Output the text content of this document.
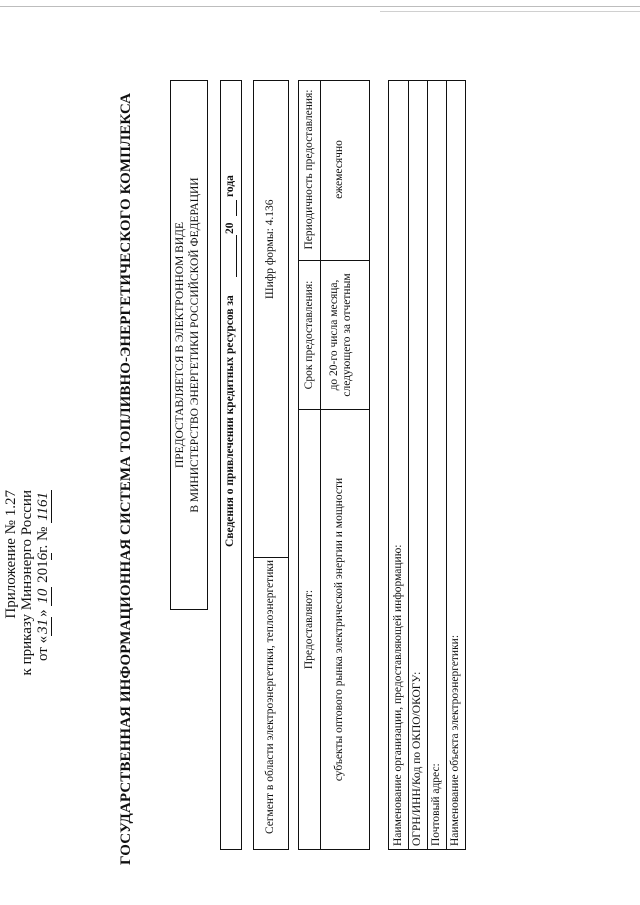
Приложение № 1.27 к приказу Минэнерго России от «31» 10 2016г. № 1161	ГОСУДАРСТВЕННАЯ ИНФОРМАЦИОННАЯ СИСТЕМА ТОПЛИВНО-ЭНЕРГЕТИЧЕСКОГО КОМПЛЕКСА	ПРЕДОСТАВЛЯЕТСЯ В ЭЛЕКТРОННОМ ВИДЕ В МИНИСТЕРСТВО ЭНЕРГЕТИКИ РОССИЙСКОЙ ФЕДЕРАЦИИ Сведения о привлечении кредитных ресурсов за
20
года
Сегмент в области электроэнергетики, теплоэнергетики
Шифр формы: 4.136
Предоставляют:
Срок предоставления:
Периодичность предоставления:
субъекты оптового рынка электрической энергии и мощности
до 20-го числа месяца, следующего за отчетным
ежемесячно
Наименование организации, предоставляющей информацию: ОГРН/ИНН/Код по ОКПО/ОКОГУ: Почтовый адрес: Наименование объекта электроэнергетики:
